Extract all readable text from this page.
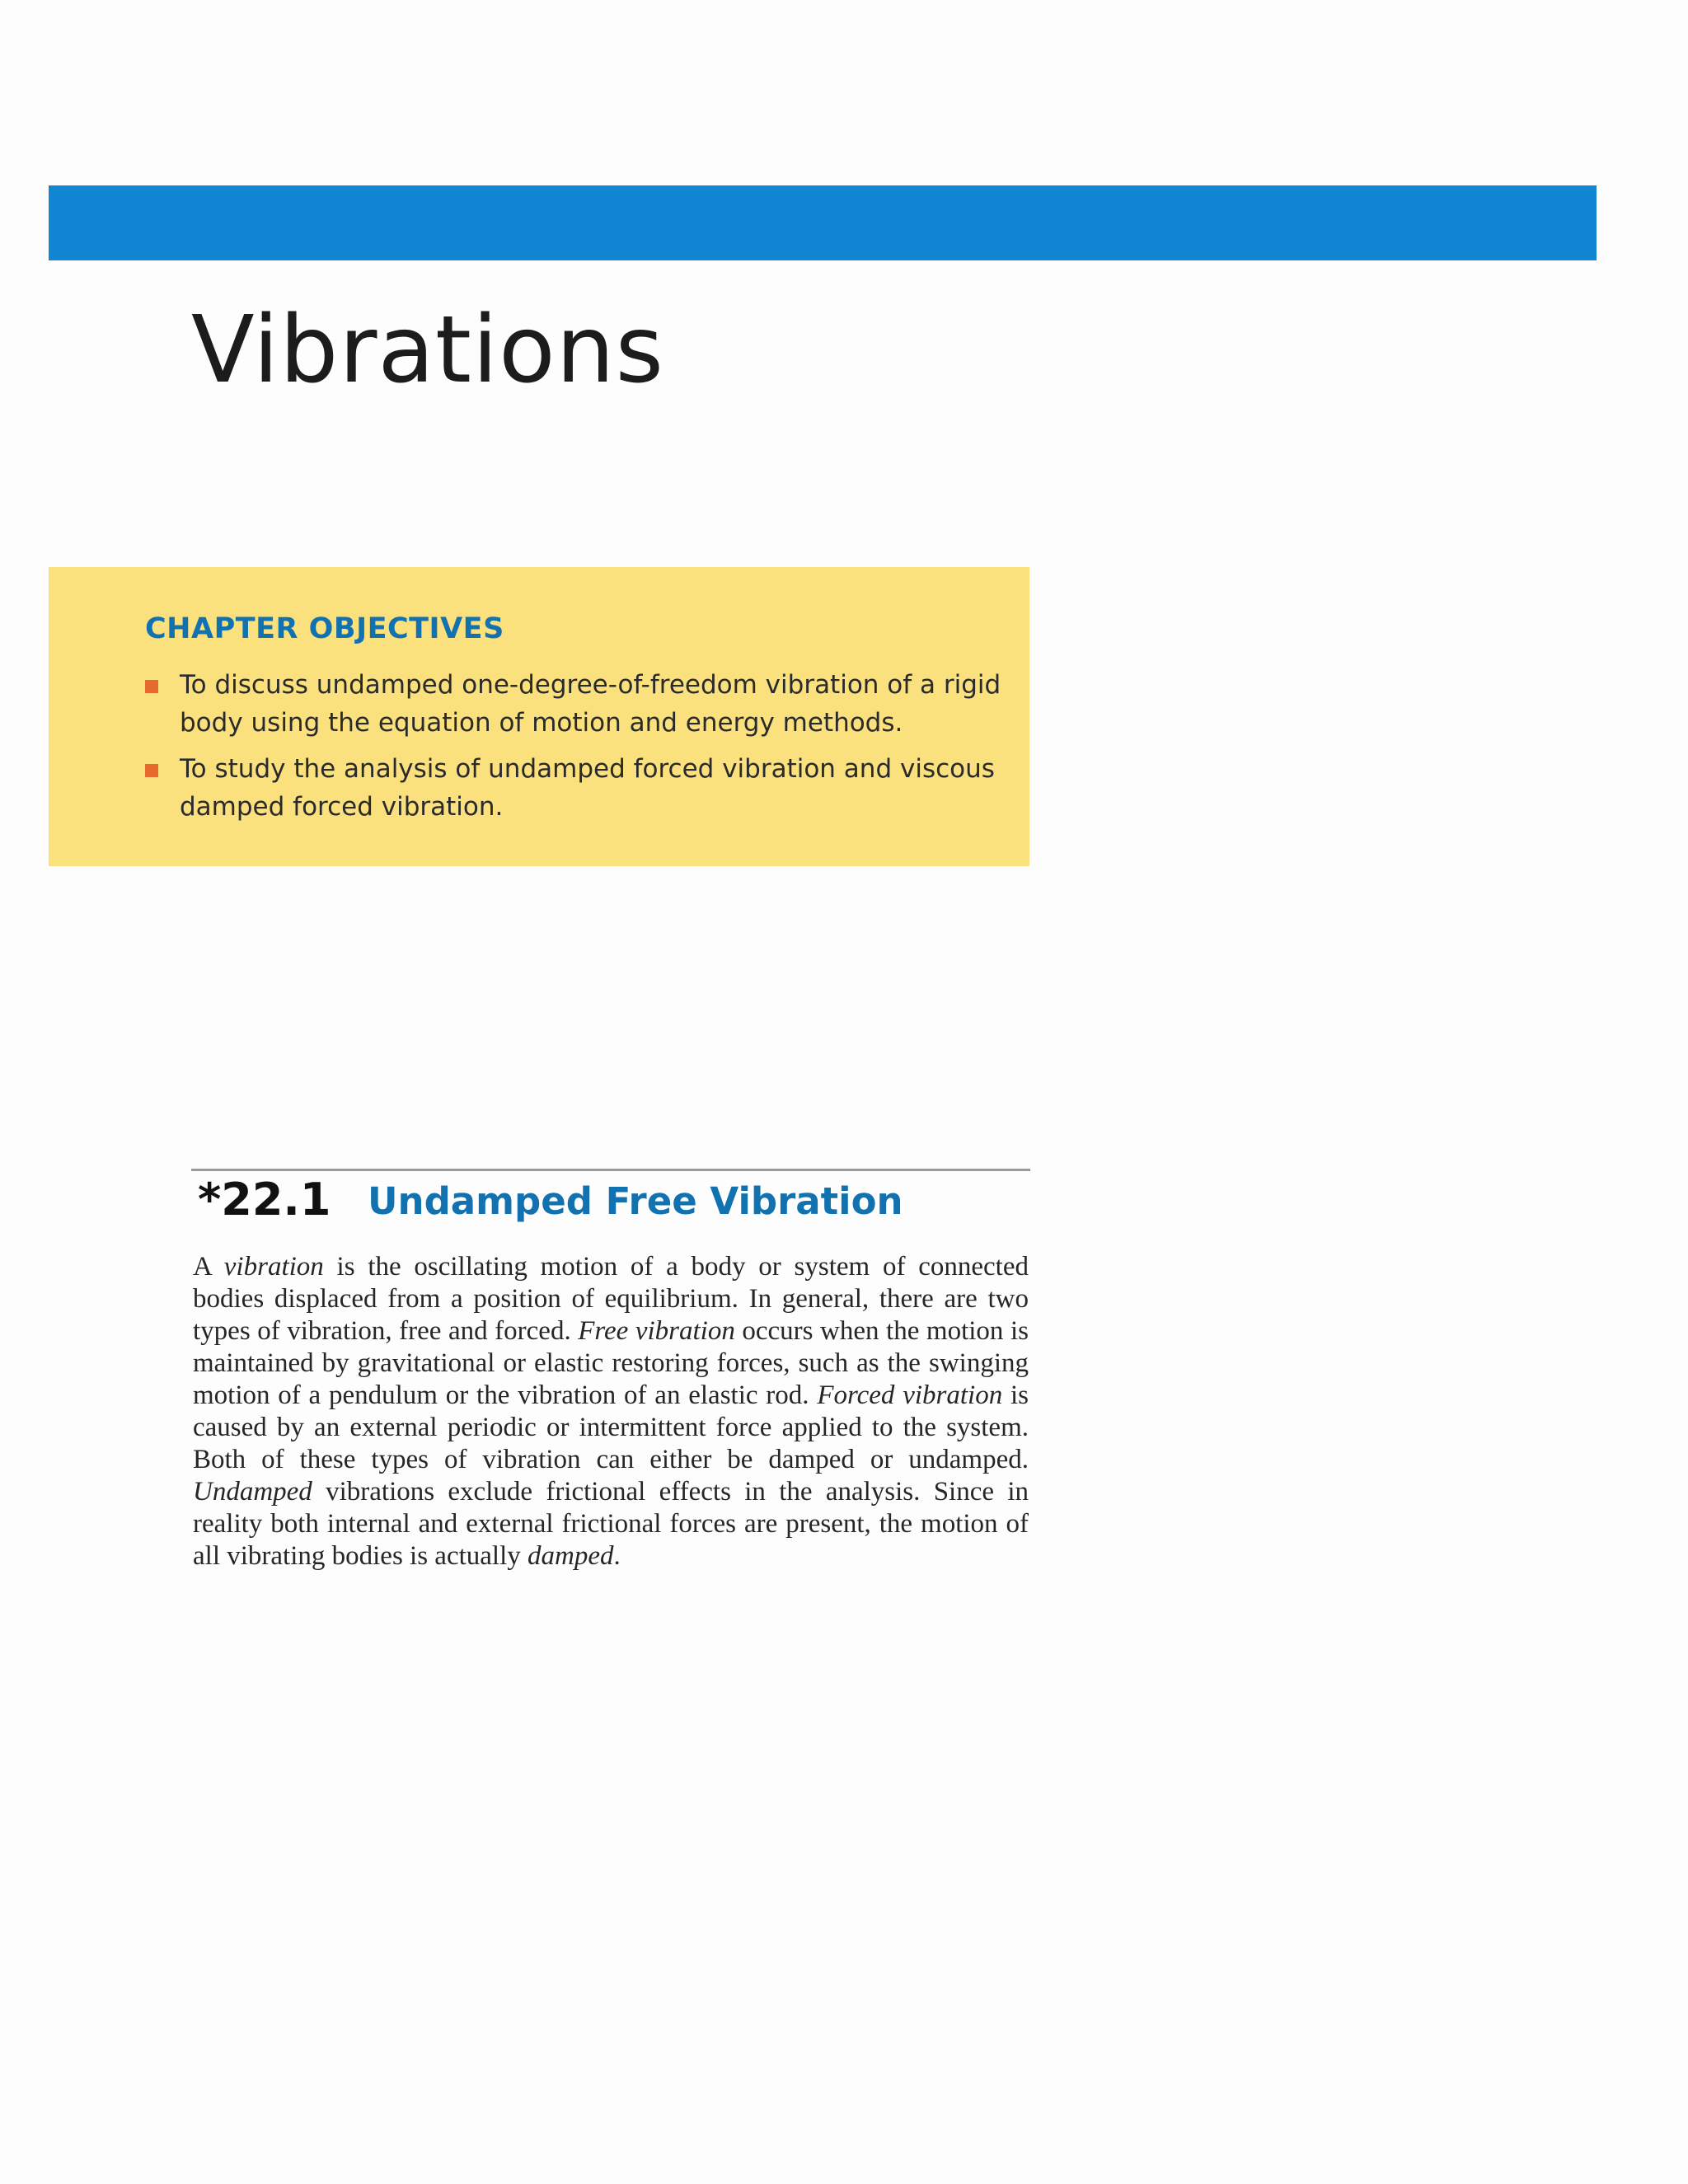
Vibrations
CHAPTER OBJECTIVES
To discuss undamped one-degree-of-freedom vibration of a rigid body using the equation of motion and energy methods.
To study the analysis of undamped forced vibration and viscous damped forced vibration.
*22.1 Undamped Free Vibration

A vibration is the oscillating motion of a body or system of connected bodies displaced from a position of equilibrium. In general, there are two types of vibration, free and forced. Free vibration occurs when the motion is maintained by gravitational or elastic restoring forces, such as the swinging motion of a pendulum or the vibration of an elastic rod. Forced vibration is caused by an external periodic or intermittent force applied to the system. Both of these types of vibration can either be damped or undamped. Undamped vibrations exclude frictional effects in the analysis. Since in reality both internal and external frictional forces are present, the motion of all vibrating bodies is actually damped.
